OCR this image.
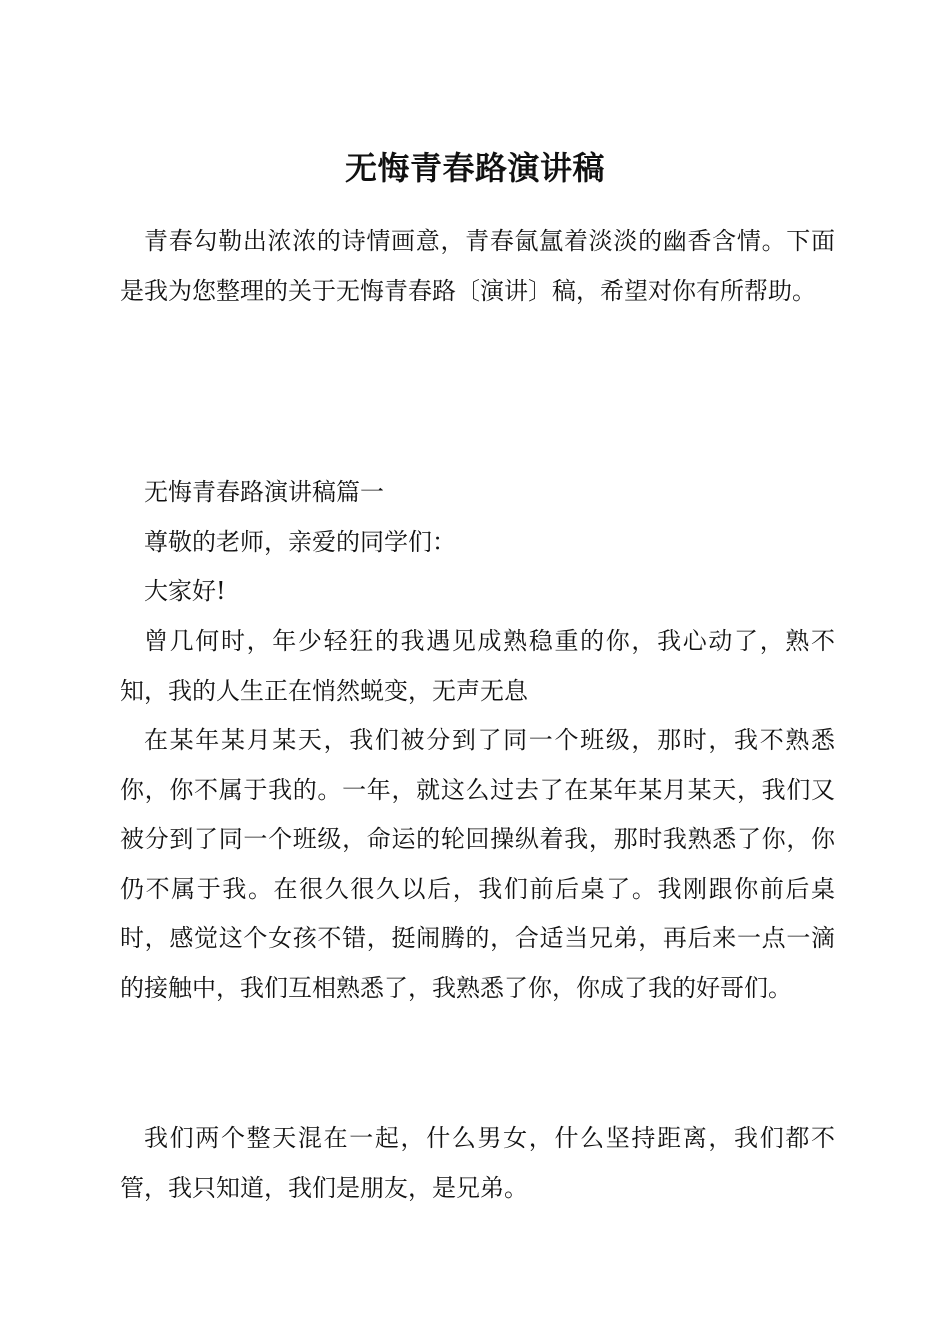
无悔青春路演讲稿
青春勾勒出浓浓的诗情画意，青春氤氲着淡淡的幽香含情。下面是我为您整理的关于无悔青春路〔演讲〕稿，希望对你有所帮助。
无悔青春路演讲稿篇一
尊敬的老师，亲爱的同学们：
大家好!
曾几何时，年少轻狂的我遇见成熟稳重的你，我心动了，熟不知，我的人生正在悄然蜕变，无声无息
在某年某月某天，我们被分到了同一个班级，那时，我不熟悉你，你不属于我的。一年，就这么过去了在某年某月某天，我们又被分到了同一个班级，命运的轮回操纵着我，那时我熟悉了你，你仍不属于我。在很久很久以后，我们前后桌了。我刚跟你前后桌时，感觉这个女孩不错，挺闹腾的，合适当兄弟，再后来一点一滴的接触中，我们互相熟悉了，我熟悉了你，你成了我的好哥们。
我们两个整天混在一起，什么男女，什么坚持距离，我们都不管，我只知道，我们是朋友，是兄弟。
